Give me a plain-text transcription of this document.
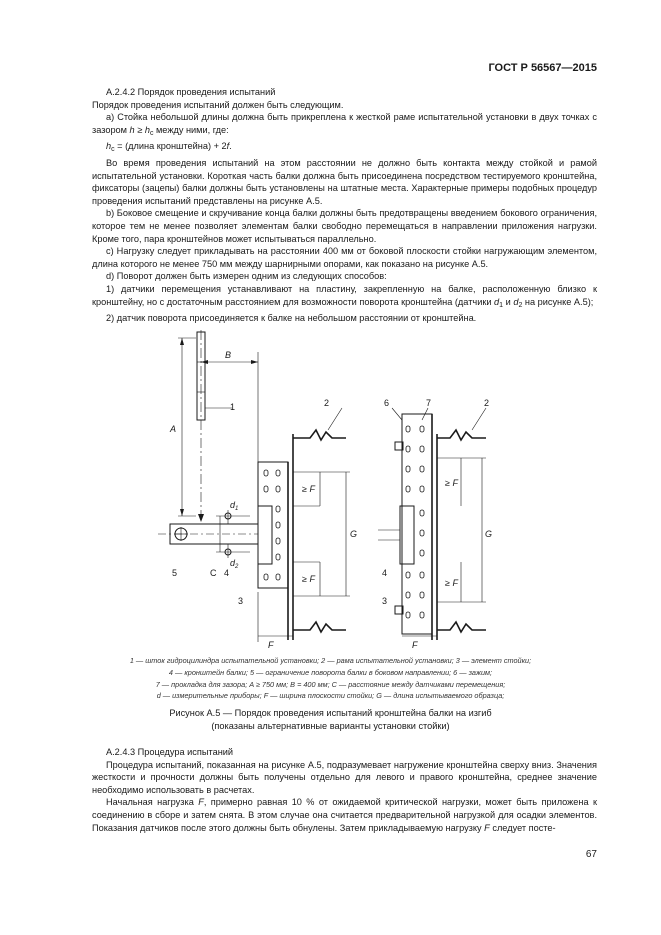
ГОСТ Р 56567—2015

А.2.4.2 Порядок проведения испытаний

Порядок проведения испытаний должен быть следующим.

а) Стойка небольшой длины должна быть прикреплена к жесткой раме испытательной установки в двух точках с зазором $h \ge h_c$ между ними, где:

$h_c$ = (длина кронштейна) + 2f.

Во время проведения испытаний на этом расстоянии не должно быть контакта между стойкой и рамой испытательной установки. Короткая часть балки должна быть присоединена посредством тестируемого кронштейна, фиксаторы (зацепы) балки должны быть установлены на штатные места. Характерные примеры подобных процедур проведения испытаний представлены на рисунке А.5.

b) Боковое смещение и скручивание конца балки должны быть предотвращены введением бокового ограничения, которое тем не менее позволяет элементам балки свободно перемещаться в направлении приложения нагрузки. Кроме того, пара кронштейнов может испытываться параллельно.

с) Нагрузку следует прикладывать на расстоянии 400 мм от боковой плоскости стойки нагружающим элементом, длина которого не менее 750 мм между шарнирными опорами, как показано на рисунке А.5.

d) Поворот должен быть измерен одним из следующих способов:

1) датчики перемещения устанавливают на пластину, закрепленную на балке, расположенную близко к кронштейну, но с достаточным расстоянием для возможности поворота кронштейна (датчики $d_1$ и $d_2$ на рисунке А.5);

2) датчик поворота присоединяется к балке на небольшом расстоянии от кронштейна.

A
B
C
G	G
F	F
≥ F
≥ F
≥ F
≥ F
$d_1$
$d_2$
1	2	2
3	3
4	4
5
6	7
1 — шток гидроцилиндра испытательной установки; 2 — рама испытательной установки; 3 — элемент стойки;
4 — кронштейн балки; 5 — ограничение поворота балки в боковом направлении; 6 — зажим;
7 — прокладка для зазора; A ≥ 750 мм; B = 400 мм; C — расстояние между датчиками перемещения;
d — измерительные приборы; F — ширина плоскости стойки; G — длина испытываемого образца;
Рисунок А.5 — Порядок проведения испытаний кронштейна балки на изгиб
(показаны альтернативные варианты установки стойки)

А.2.4.3 Процедура испытаний

Процедура испытаний, показанная на рисунке А.5, подразумевает нагружение кронштейна сверху вниз. Значения жесткости и прочности должны быть получены отдельно для левого и правого кронштейна, среднее значение необходимо использовать в расчетах.

Начальная нагрузка F, примерно равная 10 % от ожидаемой критической нагрузки, может быть приложена к соединению в сборе и затем снята. В этом случае она считается предварительной нагрузкой для осадки элементов. Показания датчиков после этого должны быть обнулены. Затем прикладываемую нагрузку F следует посте-

67
